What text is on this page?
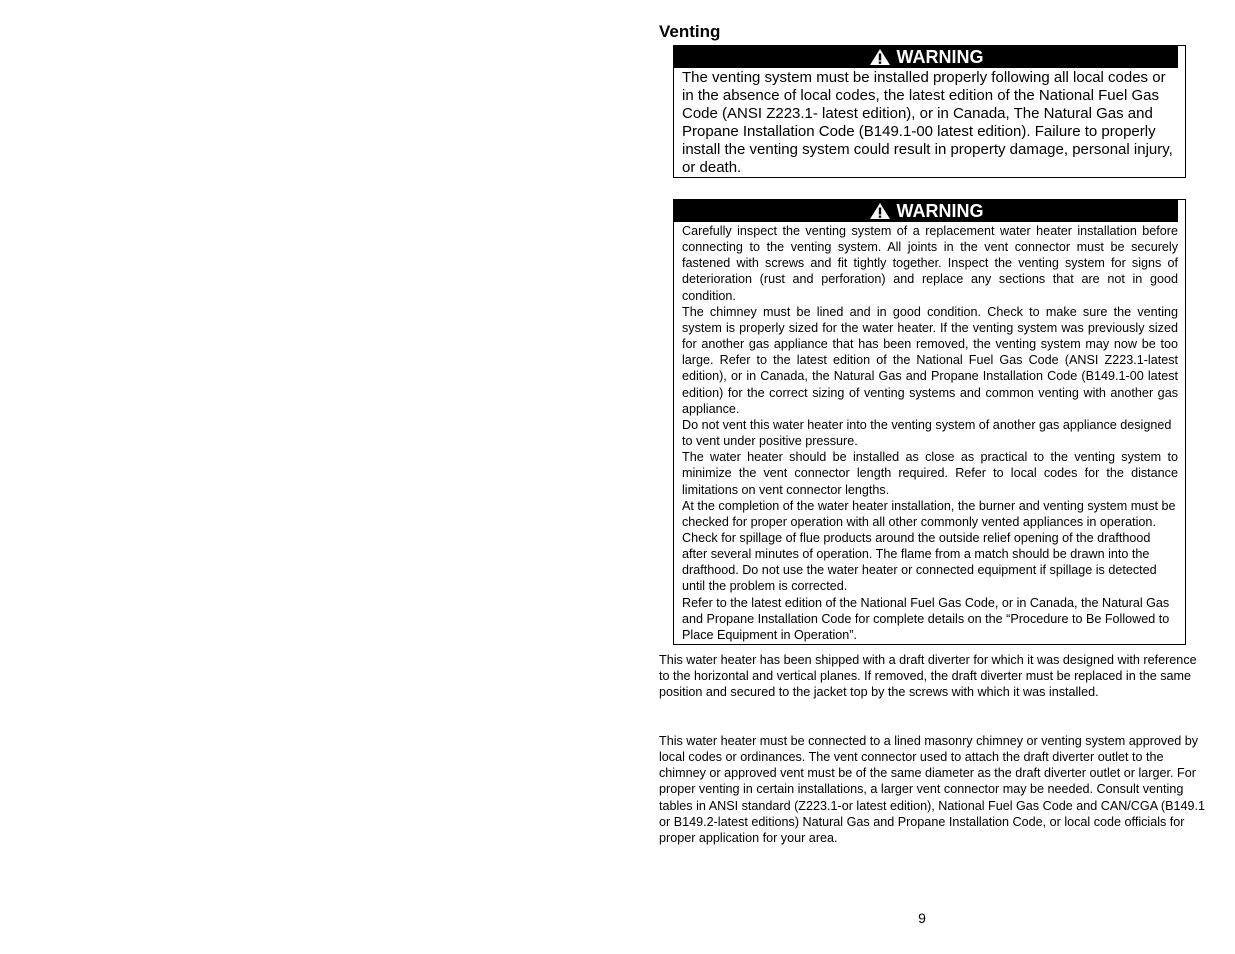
Venting
WARNING
The venting system must be installed properly following all local codes or in the absence of local codes, the latest edition of the National Fuel Gas Code (ANSI Z223.1- latest edition), or in Canada, The Natural Gas and Propane Installation Code (B149.1-00 latest edition). Failure to properly install the venting system could result in property damage, personal injury, or death.
WARNING

Carefully inspect the venting system of a replacement water heater installation before connecting to the venting system. All joints in the vent connector must be securely fastened with screws and fit tightly together. Inspect the venting system for signs of deterioration (rust and perforation) and replace any sections that are not in good condition.

The chimney must be lined and in good condition. Check to make sure the venting system is properly sized for the water heater. If the venting system was previously sized for another gas appliance that has been removed, the venting system may now be too large. Refer to the latest edition of the National Fuel Gas Code (ANSI Z223.1-latest edition), or in Canada, the Natural Gas and Propane Installation Code (B149.1-00 latest edition) for the correct sizing of venting systems and common venting with another gas appliance.

Do not vent this water heater into the venting system of another gas appliance designed to vent under positive pressure.

The water heater should be installed as close as practical to the venting system to minimize the vent connector length required. Refer to local codes for the distance limitations on vent connector lengths.

At the completion of the water heater installation, the burner and venting system must be checked for proper operation with all other commonly vented appliances in operation. Check for spillage of flue products around the outside relief opening of the drafthood after several minutes of operation. The flame from a match should be drawn into the drafthood. Do not use the water heater or connected equipment if spillage is detected until the problem is corrected.

Refer to the latest edition of the National Fuel Gas Code, or in Canada, the Natural Gas and Propane Installation Code for complete details on the “Procedure to Be Followed to Place Equipment in Operation”.

This water heater has been shipped with a draft diverter for which it was designed with reference to the horizontal and vertical planes. If removed, the draft diverter must be replaced in the same position and secured to the jacket top by the screws with which it was installed.

This water heater must be connected to a lined masonry chimney or venting system approved by local codes or ordinances. The vent connector used to attach the draft diverter outlet to the chimney or approved vent must be of the same diameter as the draft diverter outlet or larger. For proper venting in certain installations, a larger vent connector may be needed. Consult venting tables in ANSI standard (Z223.1-or latest edition), National Fuel Gas Code and CAN/CGA (B149.1 or B149.2-latest editions) Natural Gas and Propane Installation Code, or local code officials for proper application for your area.

9
